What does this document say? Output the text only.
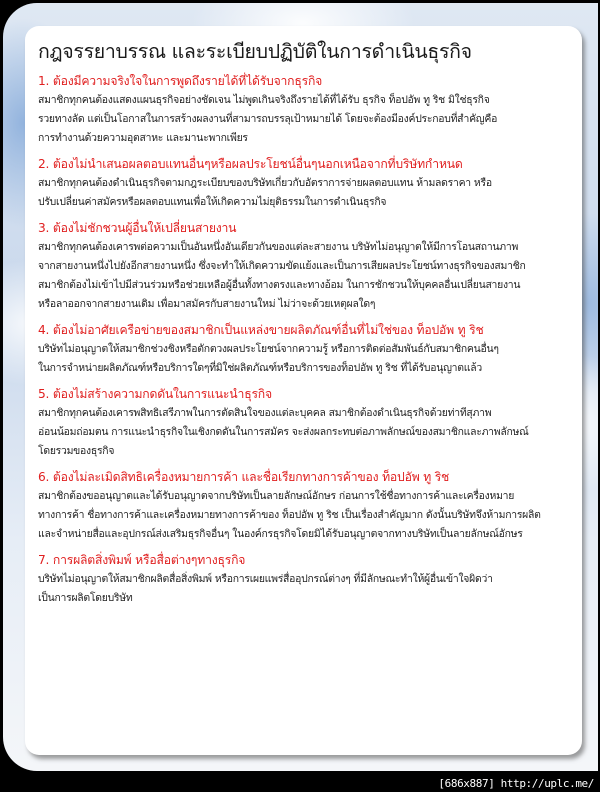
กฎจรรยาบรรณ และระเบียบปฏิบัติในการดำเนินธุรกิจ
1. ต้องมีความจริงใจในการพูดถึงรายได้ที่ได้รับจากธุรกิจ
สมาชิกทุกคนต้องแสดงแผนธุรกิจอย่างชัดเจน ไม่พูดเกินจริงถึงรายได้ที่ได้รับ ธุรกิจ ท็อปอัพ ทู ริช มิใช่ธุรกิจ
รวยทางลัด แต่เป็นโอกาสในการสร้างผลงานที่สามารถบรรลุเป้าหมายได้ โดยจะต้องมีองค์ประกอบที่สำคัญคือ
การทำงานด้วยความอุตสาหะ และมานะพากเพียร
2. ต้องไม่นำเสนอผลตอบแทนอื่นๆหรือผลประโยชน์อื่นๆนอกเหนือจากที่บริษัทกำหนด
สมาชิกทุกคนต้องดำเนินธุรกิจตามกฎระเบียบของบริษัทเกี่ยวกับอัตราการจ่ายผลตอบแทน ห้ามลดราคา หรือ
ปรับเปลี่ยนค่าสมัครหรือผลตอบแทนเพื่อให้เกิดความไม่ยุติธรรมในการดำเนินธุรกิจ
3. ต้องไม่ชักชวนผู้อื่นให้เปลี่ยนสายงาน
สมาชิกทุกคนต้องเคารพต่อความเป็นอันหนึ่งอันเดียวกันของแต่ละสายงาน บริษัทไม่อนุญาตให้มีการโอนสถานภาพ
จากสายงานหนึ่งไปยังอีกสายงานหนึ่ง ซึ่งจะทำให้เกิดความขัดแย้งและเป็นการเสียผลประโยชน์ทางธุรกิจของสมาชิก
สมาชิกต้องไม่เข้าไปมีส่วนร่วมหรือช่วยเหลือผู้อื่นทั้งทางตรงและทางอ้อม ในการชักชวนให้บุคคลอื่นเปลี่ยนสายงาน
หรือลาออกจากสายงานเดิม เพื่อมาสมัครกับสายงานใหม่ ไม่ว่าจะด้วยเหตุผลใดๆ
4. ต้องไม่อาศัยเครือข่ายของสมาชิกเป็นแหล่งขายผลิตภัณฑ์อื่นที่ไม่ใช่ของ ท็อปอัพ ทู ริช
บริษัทไม่อนุญาตให้สมาชิกช่วงชิงหรือตักตวงผลประโยชน์จากความรู้ หรือการติดต่อสัมพันธ์กับสมาชิกคนอื่นๆ
ในการจำหน่ายผลิตภัณฑ์หรือบริการใดๆที่มิใช่ผลิตภัณฑ์หรือบริการของท็อปอัพ ทู ริช ที่ได้รับอนุญาตแล้ว
5. ต้องไม่สร้างความกดดันในการแนะนำธุรกิจ
สมาชิกทุกคนต้องเคารพสิทธิเสรีภาพในการตัดสินใจของแต่ละบุคคล สมาชิกต้องดำเนินธุรกิจด้วยท่าทีสุภาพ
อ่อนน้อมถ่อมตน การแนะนำธุรกิจในเชิงกดดันในการสมัคร จะส่งผลกระทบต่อภาพลักษณ์ของสมาชิกและภาพลักษณ์
โดยรวมของธุรกิจ
6. ต้องไม่ละเมิดสิทธิเครื่องหมายการค้า และชื่อเรียกทางการค้าของ ท็อปอัพ ทู ริช
สมาชิกต้องขออนุญาตและได้รับอนุญาตจากบริษัทเป็นลายลักษณ์อักษร ก่อนการใช้ชื่อทางการค้าและเครื่องหมาย
ทางการค้า ชื่อทางการค้าและเครื่องหมายทางการค้าของ ท็อปอัพ ทู ริช เป็นเรื่องสำคัญมาก ดังนั้นบริษัทจึงห้ามการผลิต
และจำหน่ายสื่อและอุปกรณ์ส่งเสริมธุรกิจอื่นๆ ในองค์กรธุรกิจโดยมิได้รับอนุญาตจากทางบริษัทเป็นลายลักษณ์อักษร
7. การผลิตสิ่งพิมพ์ หรือสื่อต่างๆทางธุรกิจ
บริษัทไม่อนุญาตให้สมาชิกผลิตสื่อสิ่งพิมพ์ หรือการเผยแพร่สื่ออุปกรณ์ต่างๆ ที่มีลักษณะทำให้ผู้อื่นเข้าใจผิดว่า
เป็นการผลิตโดยบริษัท
[686x887] http://uplc.me/
